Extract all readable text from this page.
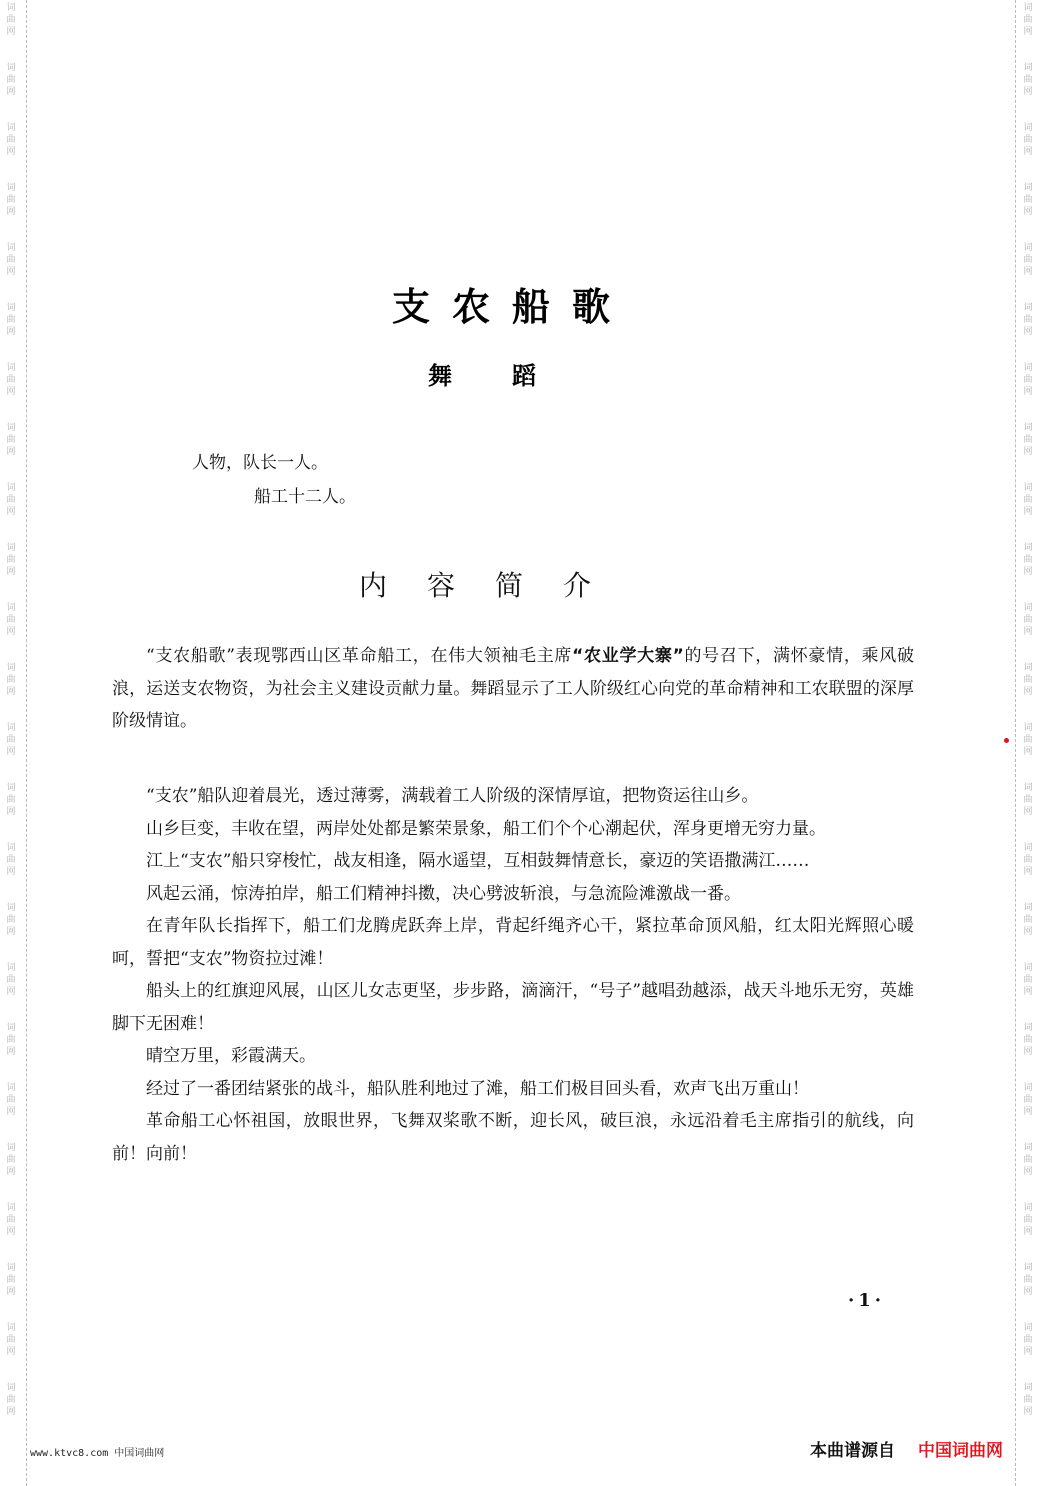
词
曲
网
词
曲
网
词
曲
网
词
曲
网
词
曲
网
词
曲
网
词
曲
网
词
曲
网
词
曲
网
词
曲
网
词
曲
网
词
曲
网
词
曲
网
词
曲
网
词
曲
网
词
曲
网
词
曲
网
词
曲
网
词
曲
网
词
曲
网
词
曲
网
词
曲
网
词
曲
网
词
曲
网
词
曲
网
词
曲
网
词
曲
网
词
曲
网
词
曲
网
词
曲
网
词
曲
网
词
曲
网
词
曲
网
词
曲
网
词
曲
网
词
曲
网
词
曲
网
词
曲
网
词
曲
网
词
曲
网
词
曲
网
词
曲
网
词
曲
网
词
曲
网
词
曲
网
词
曲
网
词
曲
网
词
曲
网
支农船歌
舞蹈
人物，队长一人。
船工十二人。
内容简介

“支农船歌”表现鄂西山区革命船工，在伟大领袖毛主席“农业学大寨”的号召下，满怀豪情，乘风破浪，运送支农物资，为社会主义建设贡献力量。舞蹈显示了工人阶级红心向党的革命精神和工农联盟的深厚阶级情谊。

“支农”船队迎着晨光，透过薄雾，满载着工人阶级的深情厚谊，把物资运往山乡。

山乡巨变，丰收在望，两岸处处都是繁荣景象，船工们个个心潮起伏，浑身更增无穷力量。

江上“支农”船只穿梭忙，战友相逢，隔水遥望，互相鼓舞情意长，豪迈的笑语撒满江……

风起云涌，惊涛拍岸，船工们精神抖擞，决心劈波斩浪，与急流险滩激战一番。

在青年队长指挥下，船工们龙腾虎跃奔上岸，背起纤绳齐心干，紧拉革命顶风船，红太阳光辉照心暖呵，誓把“支农”物资拉过滩！

船头上的红旗迎风展，山区儿女志更坚，步步路，滴滴汗，“号子”越唱劲越添，战天斗地乐无穷，英雄脚下无困难！

晴空万里，彩霞满天。

经过了一番团结紧张的战斗，船队胜利地过了滩，船工们极目回头看，欢声飞出万重山！

革命船工心怀祖国，放眼世界，飞舞双桨歌不断，迎长风，破巨浪，永远沿着毛主席指引的航线，向前！向前！

·1·
www.ktvc8.com 中国词曲网	本曲谱源自 中国词曲网
